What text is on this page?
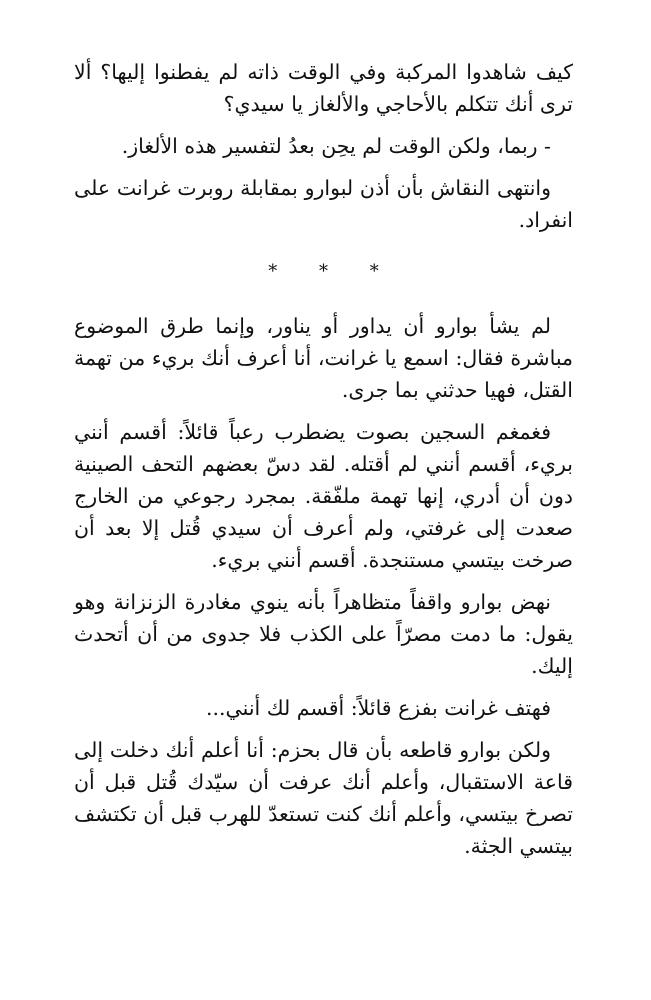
كيف شاهدوا المركبة وفي الوقت ذاته لم يفطنوا إليها؟ ألا ترى أنك تتكلم بالأحاجي والألغاز يا سيدي؟

- ربما، ولكن الوقت لم يحِن بعدُ لتفسير هذه الألغاز.

وانتهى النقاش بأن أذن لبوارو بمقابلة روبرت غرانت على انفراد.

* * *

لم يشأ بوارو أن يداور أو يناور، وإنما طرق الموضوع مباشرة فقال: اسمع يا غرانت، أنا أعرف أنك بريء من تهمة القتل، فهيا حدثني بما جرى.

فغمغم السجين بصوت يضطرب رعباً قائلاً: أقسم أنني بريء، أقسم أنني لم أقتله. لقد دسّ بعضهم التحف الصينية دون أن أدري، إنها تهمة ملفّقة. بمجرد رجوعي من الخارج صعدت إلى غرفتي، ولم أعرف أن سيدي قُتل إلا بعد أن صرخت بيتسي مستنجدة. أقسم أنني بريء.

نهض بوارو واقفاً متظاهراً بأنه ينوي مغادرة الزنزانة وهو يقول: ما دمت مصرّاً على الكذب فلا جدوى من أن أتحدث إليك.

فهتف غرانت بفزع قائلاً: أقسم لك أنني...

ولكن بوارو قاطعه بأن قال بحزم: أنا أعلم أنك دخلت إلى قاعة الاستقبال، وأعلم أنك عرفت أن سيّدك قُتل قبل أن تصرخ بيتسي، وأعلم أنك كنت تستعدّ للهرب قبل أن تكتشف بيتسي الجثة.
